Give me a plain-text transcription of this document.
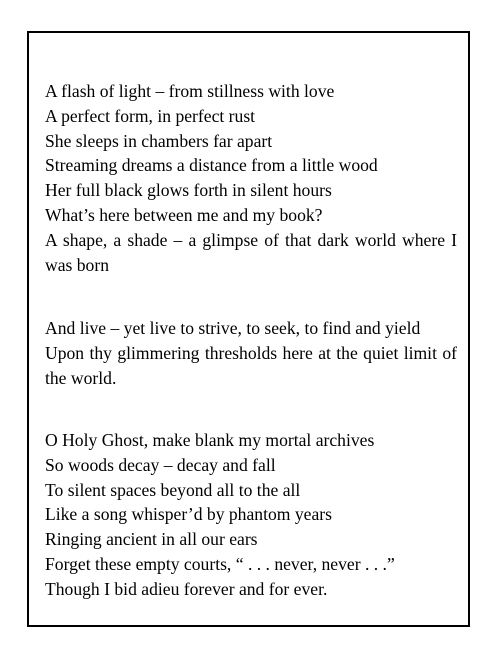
A flash of light – from stillness with love
A perfect form, in perfect rust
She sleeps in chambers far apart
Streaming dreams a distance from a little wood
Her full black glows forth in silent hours
What’s here between me and my book?
A shape, a shade – a glimpse of that dark world where I was born
And live – yet live to strive, to seek, to find and yield
Upon thy glimmering thresholds here at the quiet limit of the world.
O Holy Ghost, make blank my mortal archives
So woods decay – decay and fall
To silent spaces beyond all to the all
Like a song whisper’d by phantom years
Ringing ancient in all our ears
Forget these empty courts, “ . . . never, never . . .”
Though I bid adieu forever and for ever.
